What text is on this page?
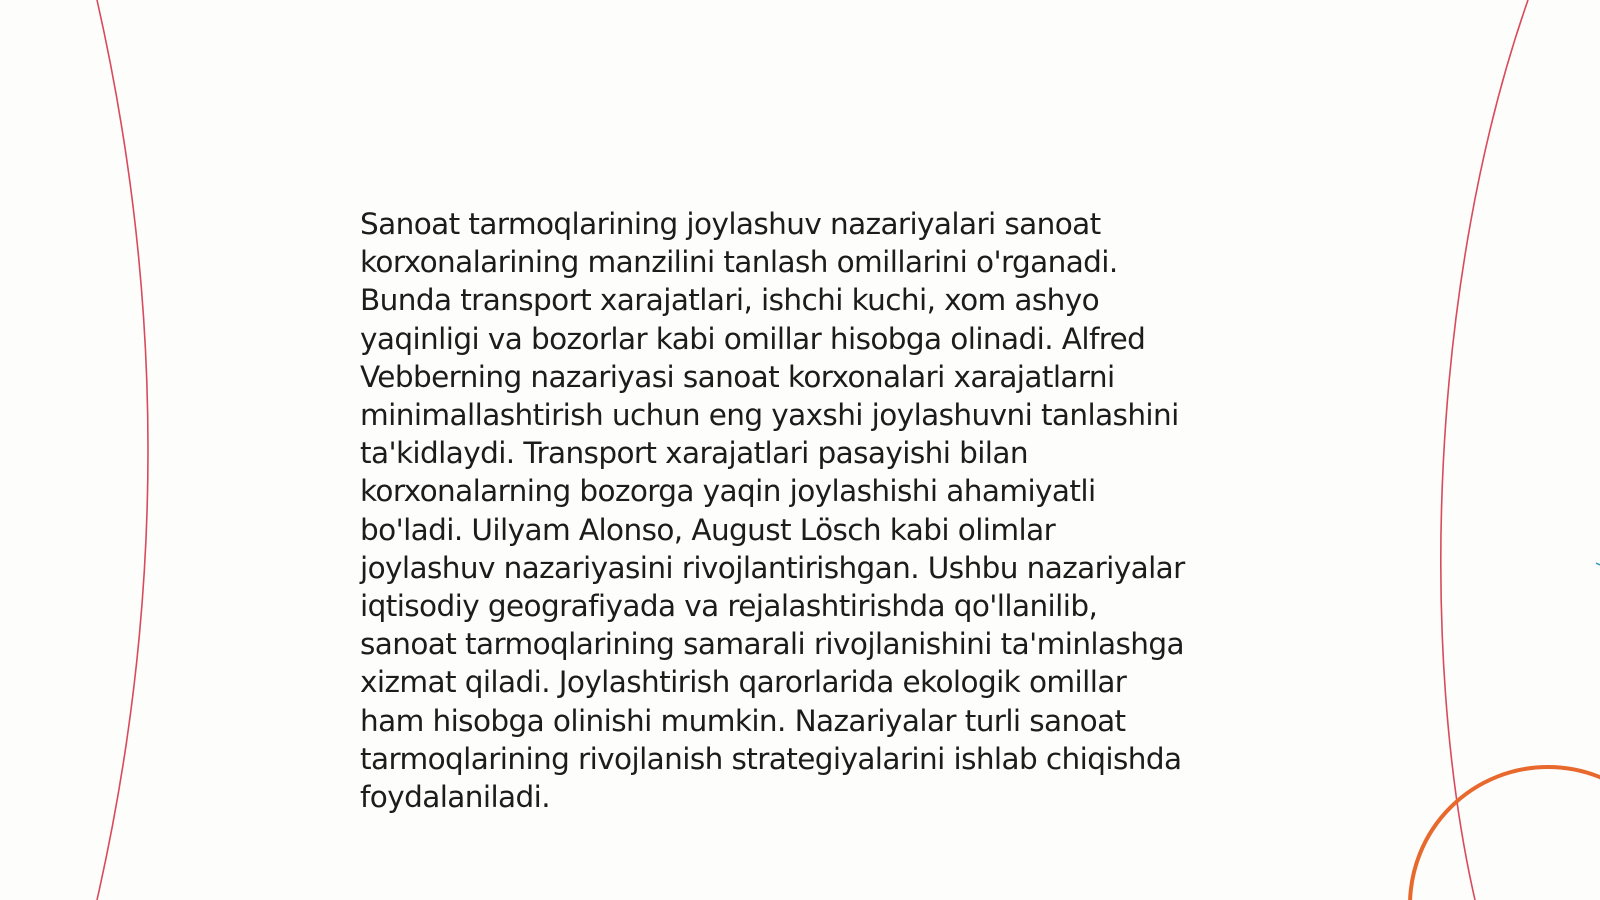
Sanoat tarmoqlarining joylashuv nazariyalari sanoat
korxonalarining manzilini tanlash omillarini o'rganadi.
Bunda transport xarajatlari, ishchi kuchi, xom ashyo
yaqinligi va bozorlar kabi omillar hisobga olinadi. Alfred
Vebberning nazariyasi sanoat korxonalari xarajatlarni
minimallashtirish uchun eng yaxshi joylashuvni tanlashini
ta'kidlaydi. Transport xarajatlari pasayishi bilan
korxonalarning bozorga yaqin joylashishi ahamiyatli
bo'ladi. Uilyam Alonso, August Lösch kabi olimlar
joylashuv nazariyasini rivojlantirishgan. Ushbu nazariyalar
iqtisodiy geografiyada va rejalashtirishda qo'llanilib,
sanoat tarmoqlarining samarali rivojlanishini ta'minlashga
xizmat qiladi. Joylashtirish qarorlarida ekologik omillar
ham hisobga olinishi mumkin. Nazariyalar turli sanoat
tarmoqlarining rivojlanish strategiyalarini ishlab chiqishda
foydalaniladi.
